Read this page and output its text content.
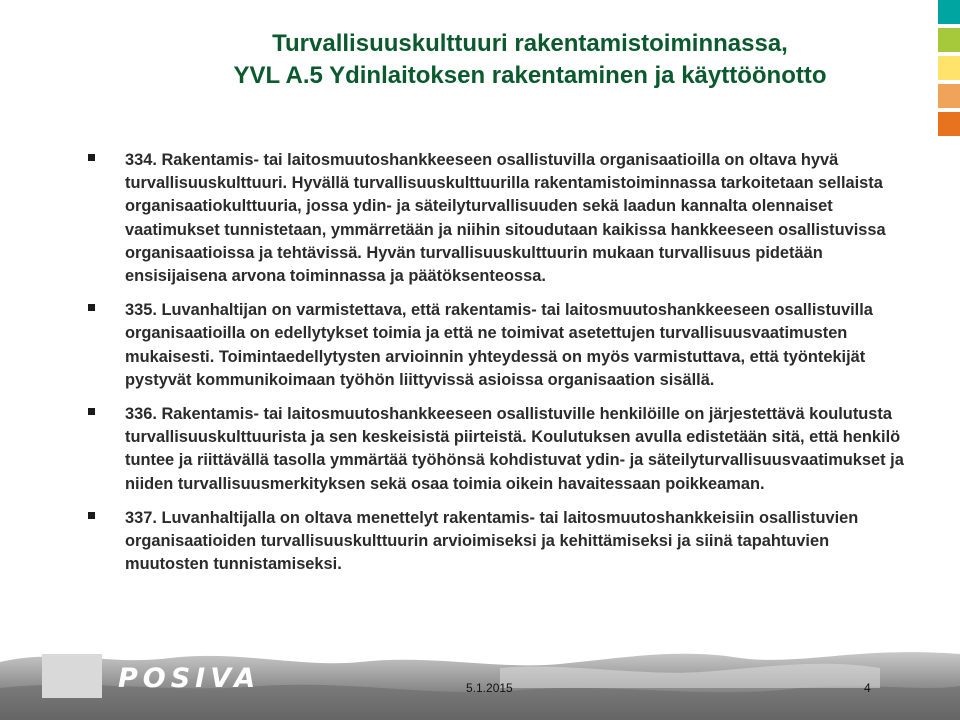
Turvallisuuskulttuuri rakentamistoiminnassa,
YVL A.5 Ydinlaitoksen rakentaminen ja käyttöönotto
334. Rakentamis- tai laitosmuutoshankkeeseen osallistuvilla organisaatioilla on oltava hyvä turvallisuuskulttuuri. Hyvällä turvallisuuskulttuurilla rakentamistoiminnassa tarkoitetaan sellaista organisaatiokulttuuria, jossa ydin- ja säteilyturvallisuuden sekä laadun kannalta olennaiset vaatimukset tunnistetaan, ymmärretään ja niihin sitoudutaan kaikissa hankkeeseen osallistuvissa organisaatioissa ja tehtävissä. Hyvän turvallisuuskulttuurin mukaan turvallisuus pidetään ensisijaisena arvona toiminnassa ja päätöksenteossa.
335. Luvanhaltijan on varmistettava, että rakentamis- tai laitosmuutoshankkeeseen osallistuvilla organisaatioilla on edellytykset toimia ja että ne toimivat asetettujen turvallisuusvaatimusten mukaisesti. Toimintaedellytysten arvioinnin yhteydessä on myös varmistuttava, että työntekijät pystyvät kommunikoimaan työhön liittyvissä asioissa organisaation sisällä.
336. Rakentamis- tai laitosmuutoshankkeeseen osallistuville henkilöille on järjestettävä koulutusta turvallisuuskulttuurista ja sen keskeisistä piirteistä. Koulutuksen avulla edistetään sitä, että henkilö tuntee ja riittävällä tasolla ymmärtää työhönsä kohdistuvat ydin- ja säteilyturvallisuusvaatimukset ja niiden turvallisuusmerkityksen sekä osaa toimia oikein havaitessaan poikkeaman.
337. Luvanhaltijalla on oltava menettelyt rakentamis- tai laitosmuutoshankkeisiin osallistuvien organisaatioiden turvallisuuskulttuurin arvioimiseksi ja kehittämiseksi ja siinä tapahtuvien muutosten tunnistamiseksi.
POSIVA	5.1.2015	4
